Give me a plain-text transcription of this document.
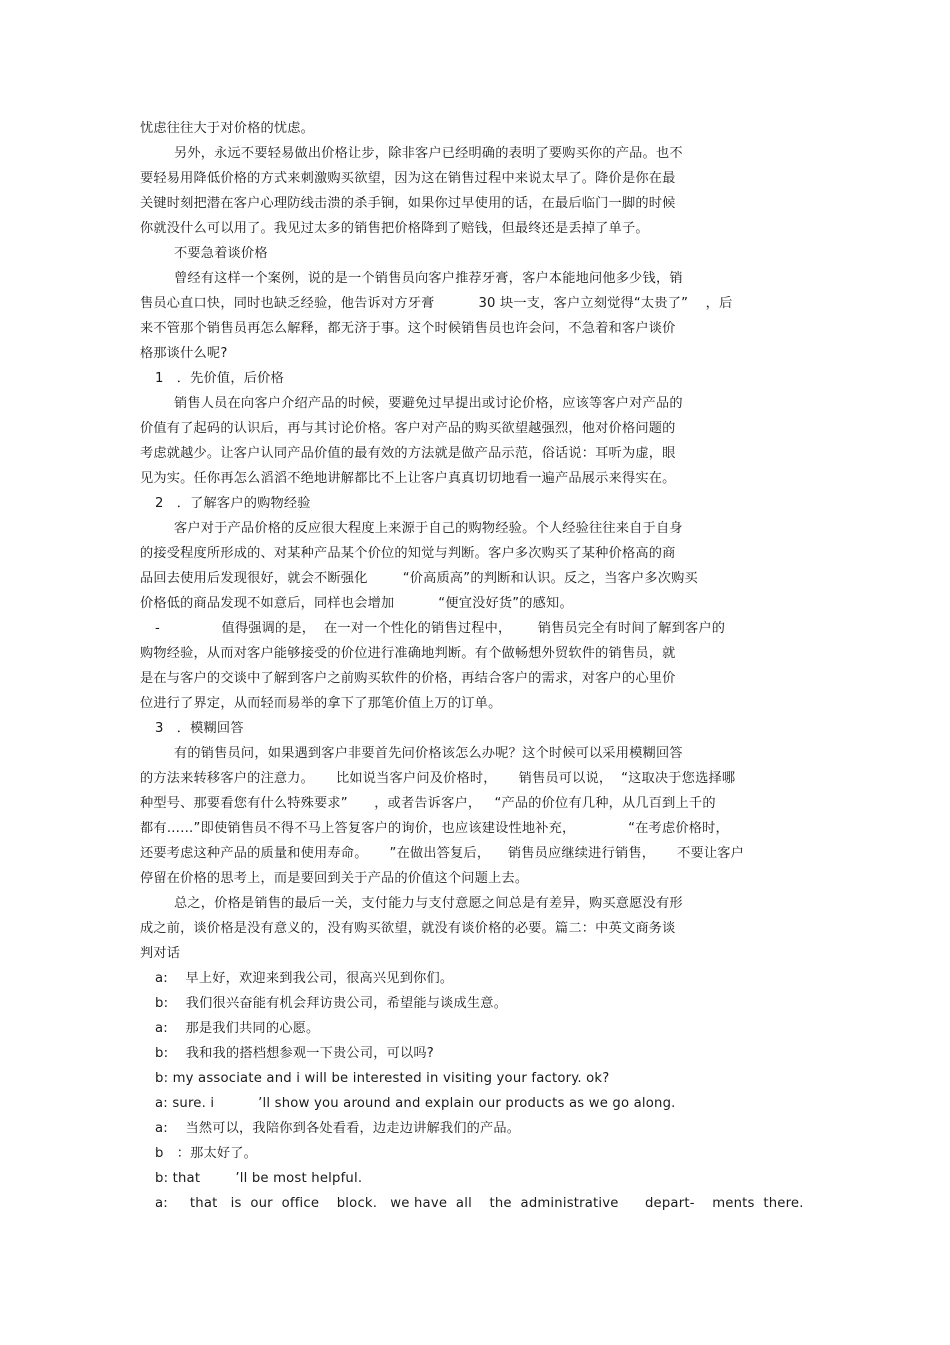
忧虑往往大于对价格的忧虑。
另外，永远不要轻易做出价格让步，除非客户已经明确的表明了要购买你的产品。也不
要轻易用降低价格的方式来刺激购买欲望，因为这在销售过程中来说太早了。降价是你在最
关键时刻把潜在客户心理防线击溃的杀手锏，如果你过早使用的话，在最后临门一脚的时候
你就没什么可以用了。我见过太多的销售把价格降到了赔钱，但最终还是丢掉了单子。
不要急着谈价格
曾经有这样一个案例，说的是一个销售员向客户推荐牙膏，客户本能地问他多少钱，销
售员心直口快，同时也缺乏经验，他告诉对方牙膏          30 块一支，客户立刻觉得“太贵了”    ，后
来不管那个销售员再怎么解释，都无济于事。这个时候销售员也许会问，不急着和客户谈价
格那谈什么呢?
1   ．先价值，后价格
销售人员在向客户介绍产品的时候，要避免过早提出或讨论价格，应该等客户对产品的
价值有了起码的认识后，再与其讨论价格。客户对产品的购买欲望越强烈，他对价格问题的
考虑就越少。让客户认同产品价值的最有效的方法就是做产品示范，俗话说：耳听为虚，眼
见为实。任你再怎么滔滔不绝地讲解都比不上让客户真真切切地看一遍产品展示来得实在。
2   ．了解客户的购物经验
客户对于产品价格的反应很大程度上来源于自己的购物经验。个人经验往往来自于自身
的接受程度所形成的、对某种产品某个价位的知觉与判断。客户多次购买了某种价格高的商
品回去使用后发现很好，就会不断强化        “价高质高”的判断和认识。反之，当客户多次购买
价格低的商品发现不如意后，同样也会增加          “便宜没好货”的感知。
-              值得强调的是，  在一对一个性化的销售过程中，      销售员完全有时间了解到客户的
购物经验，从而对客户能够接受的价位进行准确地判断。有个做畅想外贸软件的销售员，就
是在与客户的交谈中了解到客户之前购买软件的价格，再结合客户的需求，对客户的心里价
位进行了界定，从而轻而易举的拿下了那笔价值上万的订单。
3   ．模糊回答
有的销售员问，如果遇到客户非要首先问价格该怎么办呢？这个时候可以采用模糊回答
的方法来转移客户的注意力。     比如说当客户问及价格时，     销售员可以说，  “这取决于您选择哪
种型号、那要看您有什么特殊要求”      ，或者告诉客户，   “产品的价位有几种，从几百到上千的
都有……”即使销售员不得不马上答复客户的询价，也应该建设性地补充，            “在考虑价格时，
还要考虑这种产品的质量和使用寿命。     ”在做出答复后，    销售员应继续进行销售，     不要让客户
停留在价格的思考上，而是要回到关于产品的价值这个问题上去。
总之，价格是销售的最后一关，支付能力与支付意愿之间总是有差异，购买意愿没有形
成之前，谈价格是没有意义的，没有购买欲望，就没有谈价格的必要。篇二：中英文商务谈
判对话
a:    早上好，欢迎来到我公司，很高兴见到你们。
b:    我们很兴奋能有机会拜访贵公司，希望能与谈成生意。
a:    那是我们共同的心愿。
b:    我和我的搭档想参观一下贵公司，可以吗?
b: my associate and i will be interested in visiting your factory. ok?
a: sure. i          ’ll show you around and explain our products as we go along.
a:    当然可以，我陪你到各处看看，边走边讲解我们的产品。
b   ：那太好了。
b: that        ’ll be most helpful.
a:     that   is  our  office    block.   we have  all    the  administrative      depart-    ments  there.
